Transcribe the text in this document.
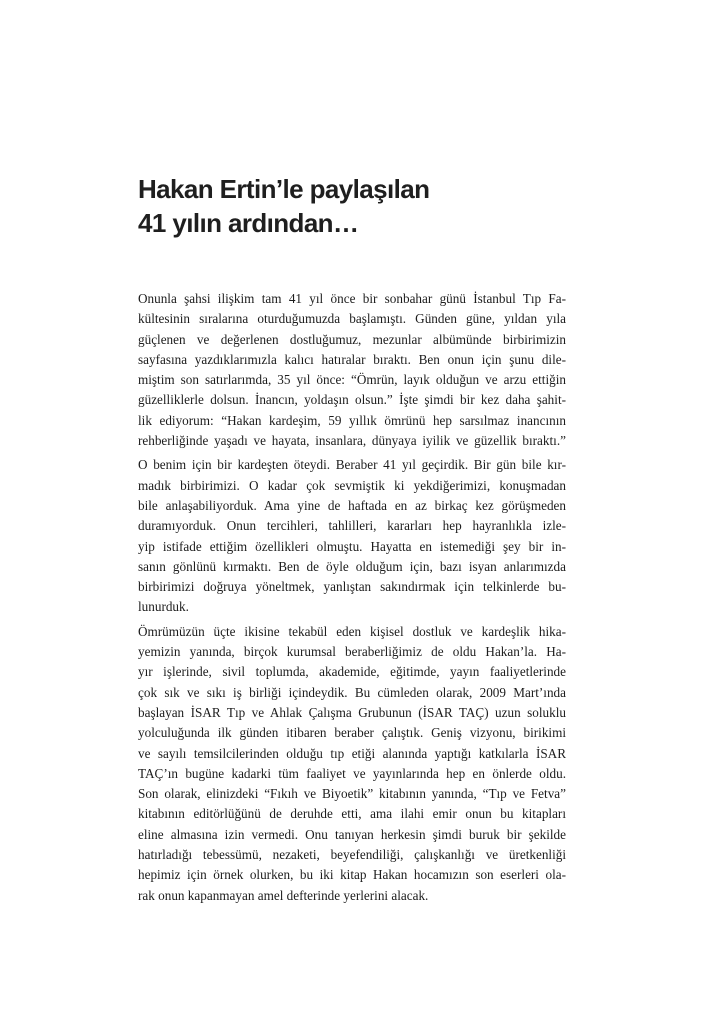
Hakan Ertin’le paylaşılan
41 yılın ardından…

Onunla şahsi ilişkim tam 41 yıl önce bir sonbahar günü İstanbul Tıp Fa-
kültesinin sıralarına oturduğumuzda başlamıştı. Günden güne, yıldan yıla
güçlenen ve değerlenen dostluğumuz, mezunlar albümünde birbirimizin
sayfasına yazdıklarımızla kalıcı hatıralar bıraktı. Ben onun için şunu dile-
miştim son satırlarımda, 35 yıl önce: “Ömrün, layık olduğun ve arzu ettiğin
güzelliklerle dolsun. İnancın, yoldaşın olsun.” İşte şimdi bir kez daha şahit-
lik ediyorum: “Hakan kardeşim, 59 yıllık ömrünü hep sarsılmaz inancının
rehberliğinde yaşadı ve hayata, insanlara, dünyaya iyilik ve güzellik bıraktı.”

O benim için bir kardeşten öteydi. Beraber 41 yıl geçirdik. Bir gün bile kır-
madık birbirimizi. O kadar çok sevmiştik ki yekdiğerimizi, konuşmadan
bile anlaşabiliyorduk. Ama yine de haftada en az birkaç kez görüşmeden
duramıyorduk. Onun tercihleri, tahlilleri, kararları hep hayranlıkla izle-
yip istifade ettiğim özellikleri olmuştu. Hayatta en istemediği şey bir in-
sanın gönlünü kırmaktı. Ben de öyle olduğum için, bazı isyan anlarımızda
birbirimizi doğruya yöneltmek, yanlıştan sakındırmak için telkinlerde bu-
lunurduk.

Ömrümüzün üçte ikisine tekabül eden kişisel dostluk ve kardeşlik hika-
yemizin yanında, birçok kurumsal beraberliğimiz de oldu Hakan’la. Ha-
yır işlerinde, sivil toplumda, akademide, eğitimde, yayın faaliyetlerinde
çok sık ve sıkı iş birliği içindeydik. Bu cümleden olarak, 2009 Mart’ında
başlayan İSAR Tıp ve Ahlak Çalışma Grubunun (İSAR TAÇ) uzun soluklu
yolculuğunda ilk günden itibaren beraber çalıştık. Geniş vizyonu, birikimi
ve sayılı temsilcilerinden olduğu tıp etiği alanında yaptığı katkılarla İSAR
TAÇ’ın bugüne kadarki tüm faaliyet ve yayınlarında hep en önlerde oldu.
Son olarak, elinizdeki “Fıkıh ve Biyoetik” kitabının yanında, “Tıp ve Fetva”
kitabının editörlüğünü de deruhde etti, ama ilahi emir onun bu kitapları
eline almasına izin vermedi. Onu tanıyan herkesin şimdi buruk bir şekilde
hatırladığı tebessümü, nezaketi, beyefendiliği, çalışkanlığı ve üretkenliği
hepimiz için örnek olurken, bu iki kitap Hakan hocamızın son eserleri ola-
rak onun kapanmayan amel defterinde yerlerini alacak.
